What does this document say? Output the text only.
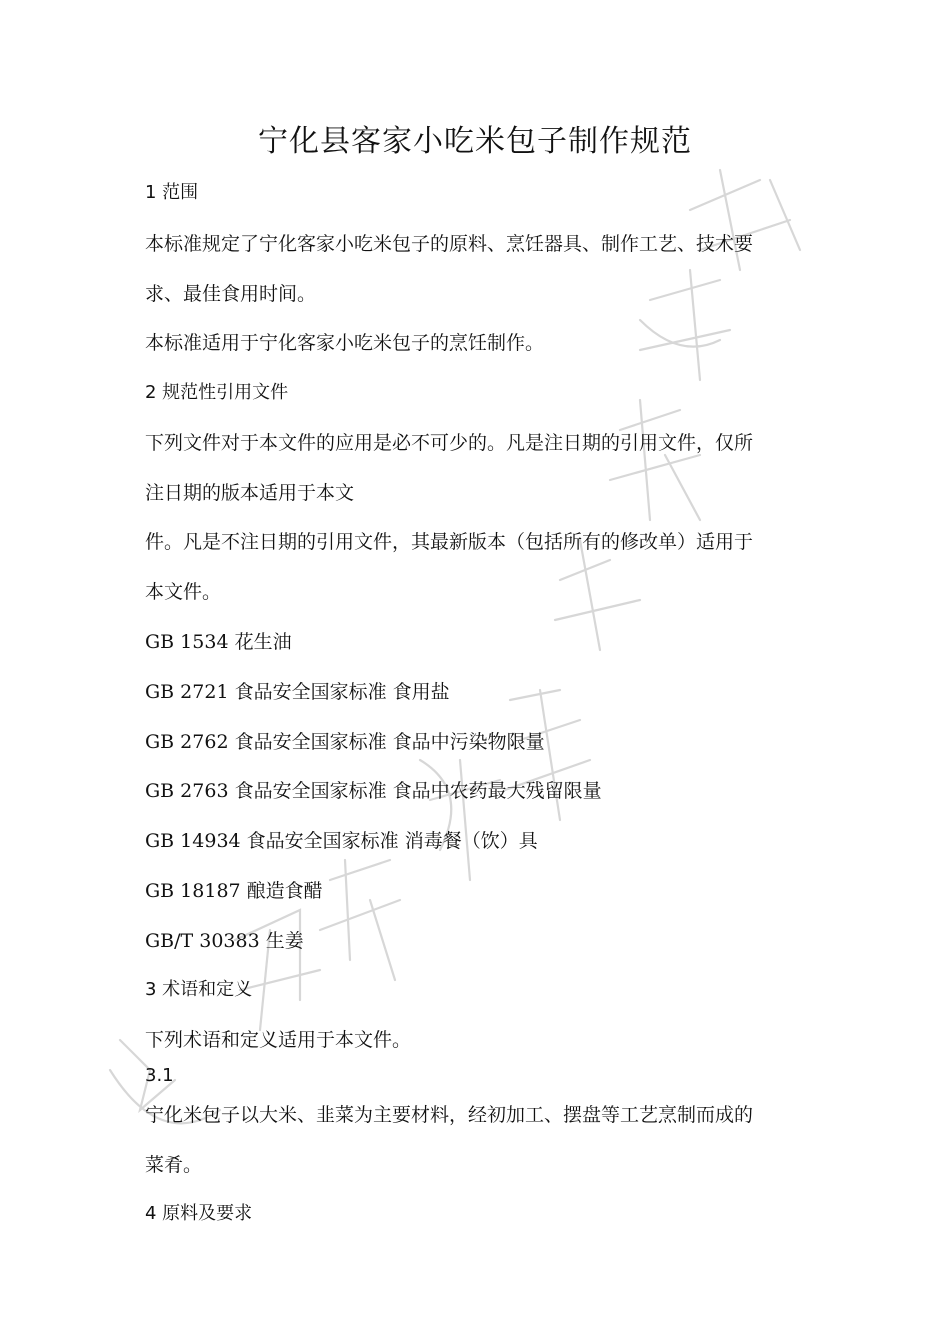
宁化县客家小吃米包子制作规范

1 范围

本标准规定了宁化客家小吃米包子的原料、烹饪器具、制作工艺、技术要

求、最佳食用时间。

本标准适用于宁化客家小吃米包子的烹饪制作。

2 规范性引用文件

下列文件对于本文件的应用是必不可少的。凡是注日期的引用文件，仅所

注日期的版本适用于本文

件。凡是不注日期的引用文件，其最新版本（包括所有的修改单）适用于

本文件。

GB 1534 花生油

GB 2721 食品安全国家标准 食用盐

GB 2762 食品安全国家标准 食品中污染物限量

GB 2763 食品安全国家标准 食品中农药最大残留限量

GB 14934 食品安全国家标准 消毒餐（饮）具

GB 18187 酿造食醋

GB/T 30383 生姜

3 术语和定义

下列术语和定义适用于本文件。

3.1

宁化米包子以大米、韭菜为主要材料，经初加工、摆盘等工艺烹制而成的

菜肴。

4 原料及要求
